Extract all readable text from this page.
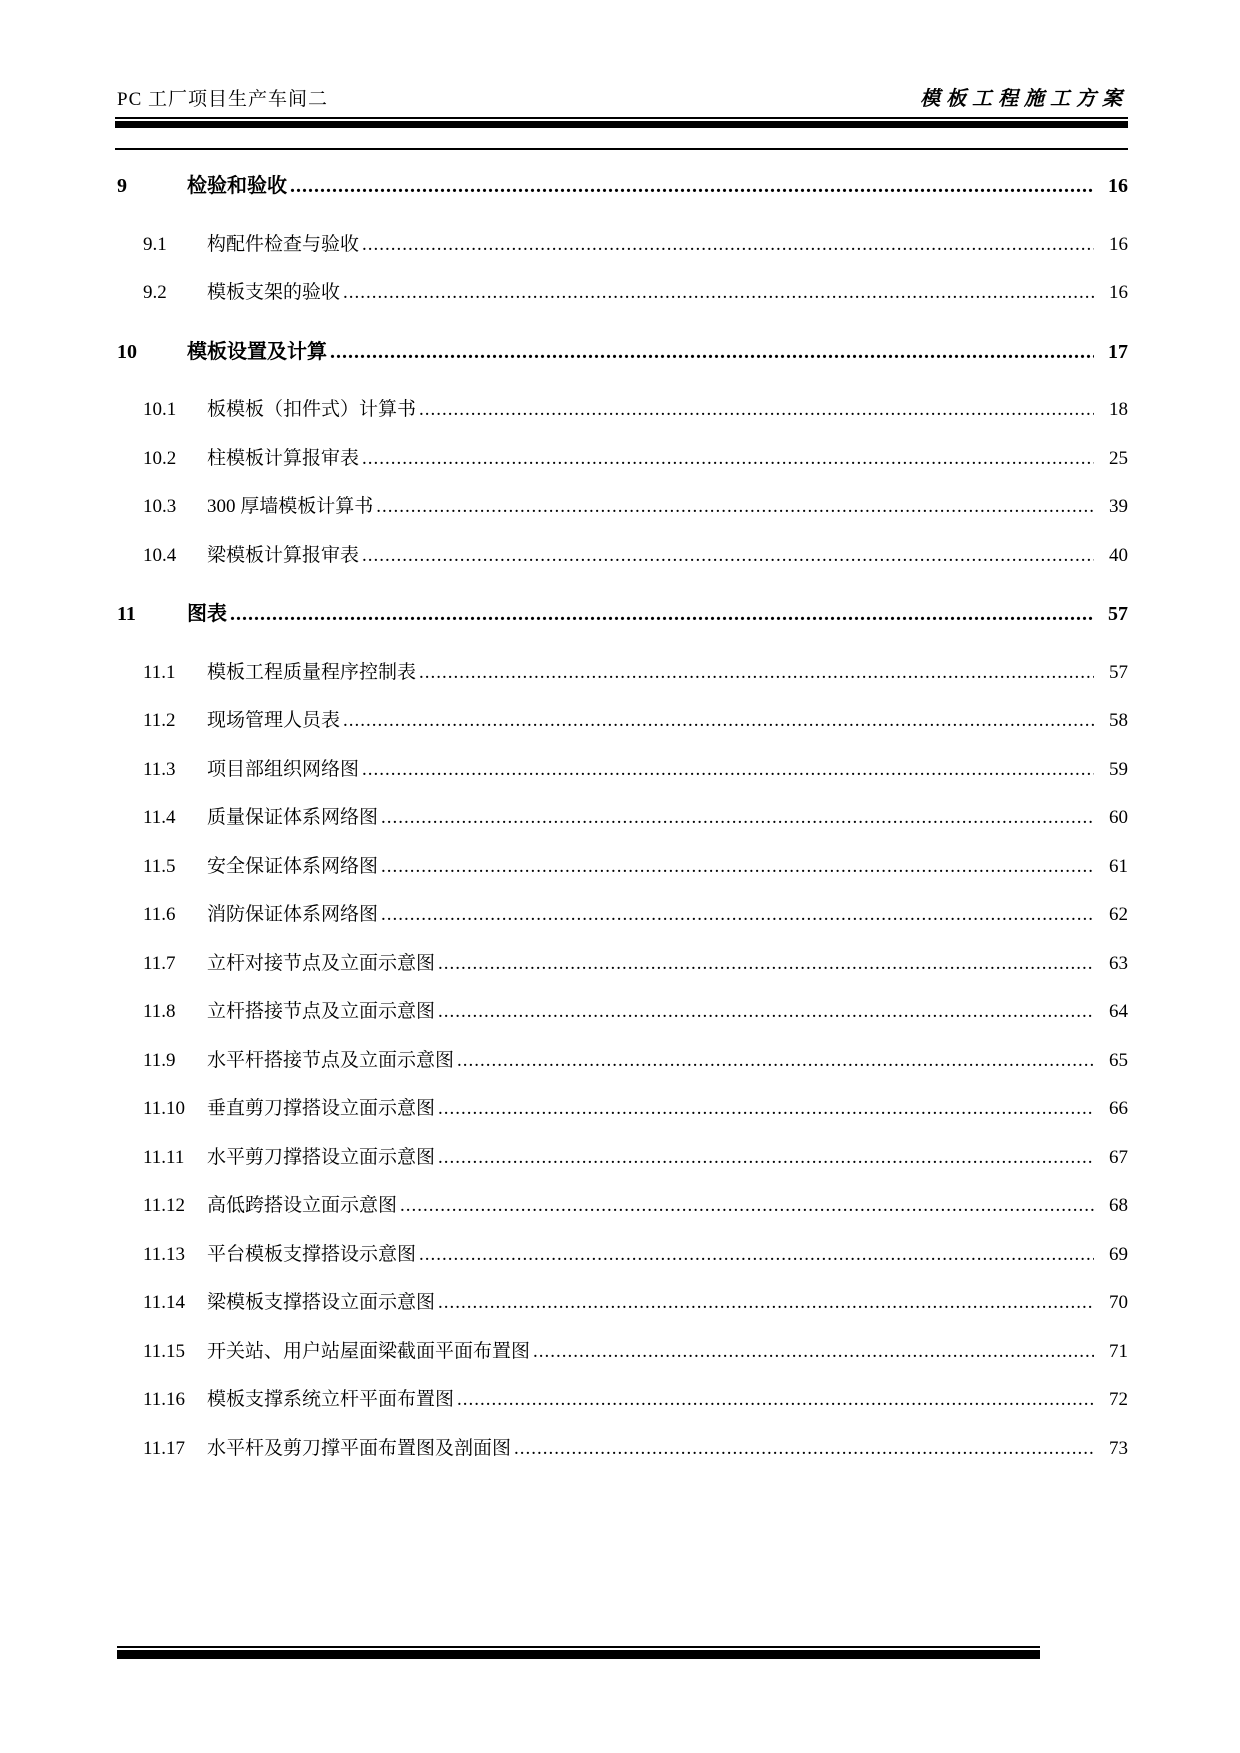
PC 工厂项目生产车间二	模板工程施工方案
9	检验和验收 .....	16
9.1	构配件检查与验收 .....	16
9.2	模板支架的验收 .....	16
10	模板设置及计算 .....	17
10.1	板模板（扣件式）计算书 .....	18
10.2	柱模板计算报审表 .....	25
10.3	300 厚墙模板计算书 .....	39
10.4	梁模板计算报审表 .....	40
11	图表 .....	57
11.1	模板工程质量程序控制表 .....	57
11.2	现场管理人员表 .....	58
11.3	项目部组织网络图 .....	59
11.4	质量保证体系网络图 .....	60
11.5	安全保证体系网络图 .....	61
11.6	消防保证体系网络图 .....	62
11.7	立杆对接节点及立面示意图 .....	63
11.8	立杆搭接节点及立面示意图 .....	64
11.9	水平杆搭接节点及立面示意图 .....	65
11.10	垂直剪刀撑搭设立面示意图 .....	66
11.11	水平剪刀撑搭设立面示意图 .....	67
11.12	高低跨搭设立面示意图 .....	68
11.13	平台模板支撑搭设示意图 .....	69
11.14	梁模板支撑搭设立面示意图 .....	70
11.15	开关站、用户站屋面梁截面平面布置图 .....	71
11.16	模板支撑系统立杆平面布置图 .....	72
11.17	水平杆及剪刀撑平面布置图及剖面图 .....	73
